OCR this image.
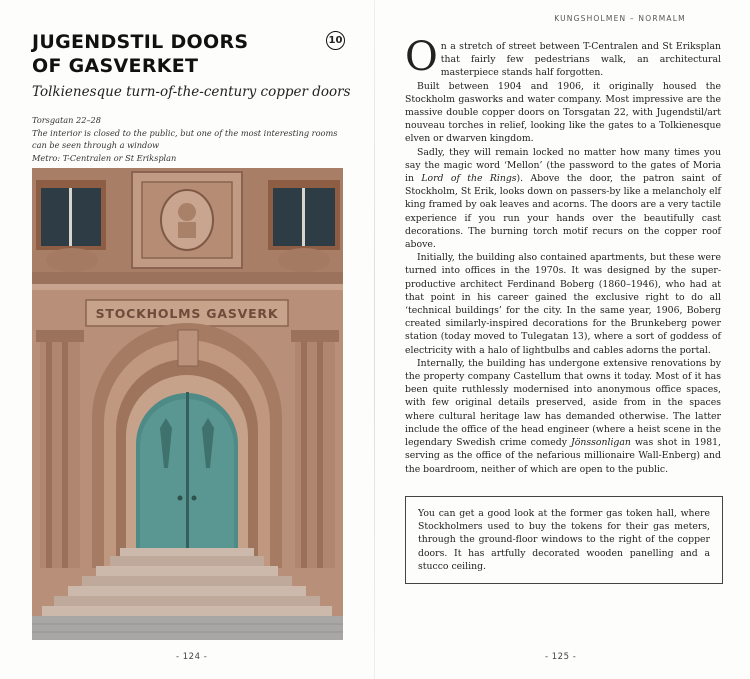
JUGENDSTIL DOORS
OF GASVERKET
10
Tolkienesque turn-of-the-century copper doors
Torsgatan 22–28
The interior is closed to the public, but one of the most interesting rooms can be seen through a window
Metro: T-Centralen or St Eriksplan
STOCKHOLMS GASVERK
- 124 -
KUNGSHOLMEN – NORMALM

On a stretch of street between T-Centralen and St Eriksplan that fairly few pedestrians walk, an architectural masterpiece stands half forgotten.

Built between 1904 and 1906, it originally housed the Stockholm gasworks and water company. Most impressive are the massive double copper doors on Torsgatan 22, with Jugendstil/art nouveau torches in relief, looking like the gates to a Tolkienesque elven or dwarven kingdom.

Sadly, they will remain locked no matter how many times you say the magic word ‘Mellon’ (the password to the gates of Moria in Lord of the Rings). Above the door, the patron saint of Stockholm, St Erik, looks down on passers-by like a melancholy elf king framed by oak leaves and acorns. The doors are a very tactile experience if you run your hands over the beautifully cast decorations. The burning torch motif recurs on the copper roof above.

Initially, the building also contained apartments, but these were turned into offices in the 1970s. It was designed by the super-productive architect Ferdinand Boberg (1860–1946), who had at that point in his career gained the exclusive right to do all ‘technical buildings’ for the city. In the same year, 1906, Boberg created similarly-inspired decorations for the Brunkeberg power station (today moved to Tulegatan 13), where a sort of goddess of electricity with a halo of lightbulbs and cables adorns the portal.

Internally, the building has undergone extensive renovations by the property company Castellum that owns it today. Most of it has been quite ruthlessly modernised into anonymous office spaces, with few original details preserved, aside from in the spaces where cultural heritage law has demanded otherwise. The latter include the office of the head engineer (where a heist scene in the legendary Swedish crime comedy Jönssonligan was shot in 1981, serving as the office of the nefarious millionaire Wall-Enberg) and the boardroom, neither of which are open to the public.

You can get a good look at the former gas token hall, where Stockholmers used to buy the tokens for their gas meters, through the ground-floor windows to the right of the copper doors. It has artfully decorated wooden panelling and a stucco ceiling.
- 125 -
